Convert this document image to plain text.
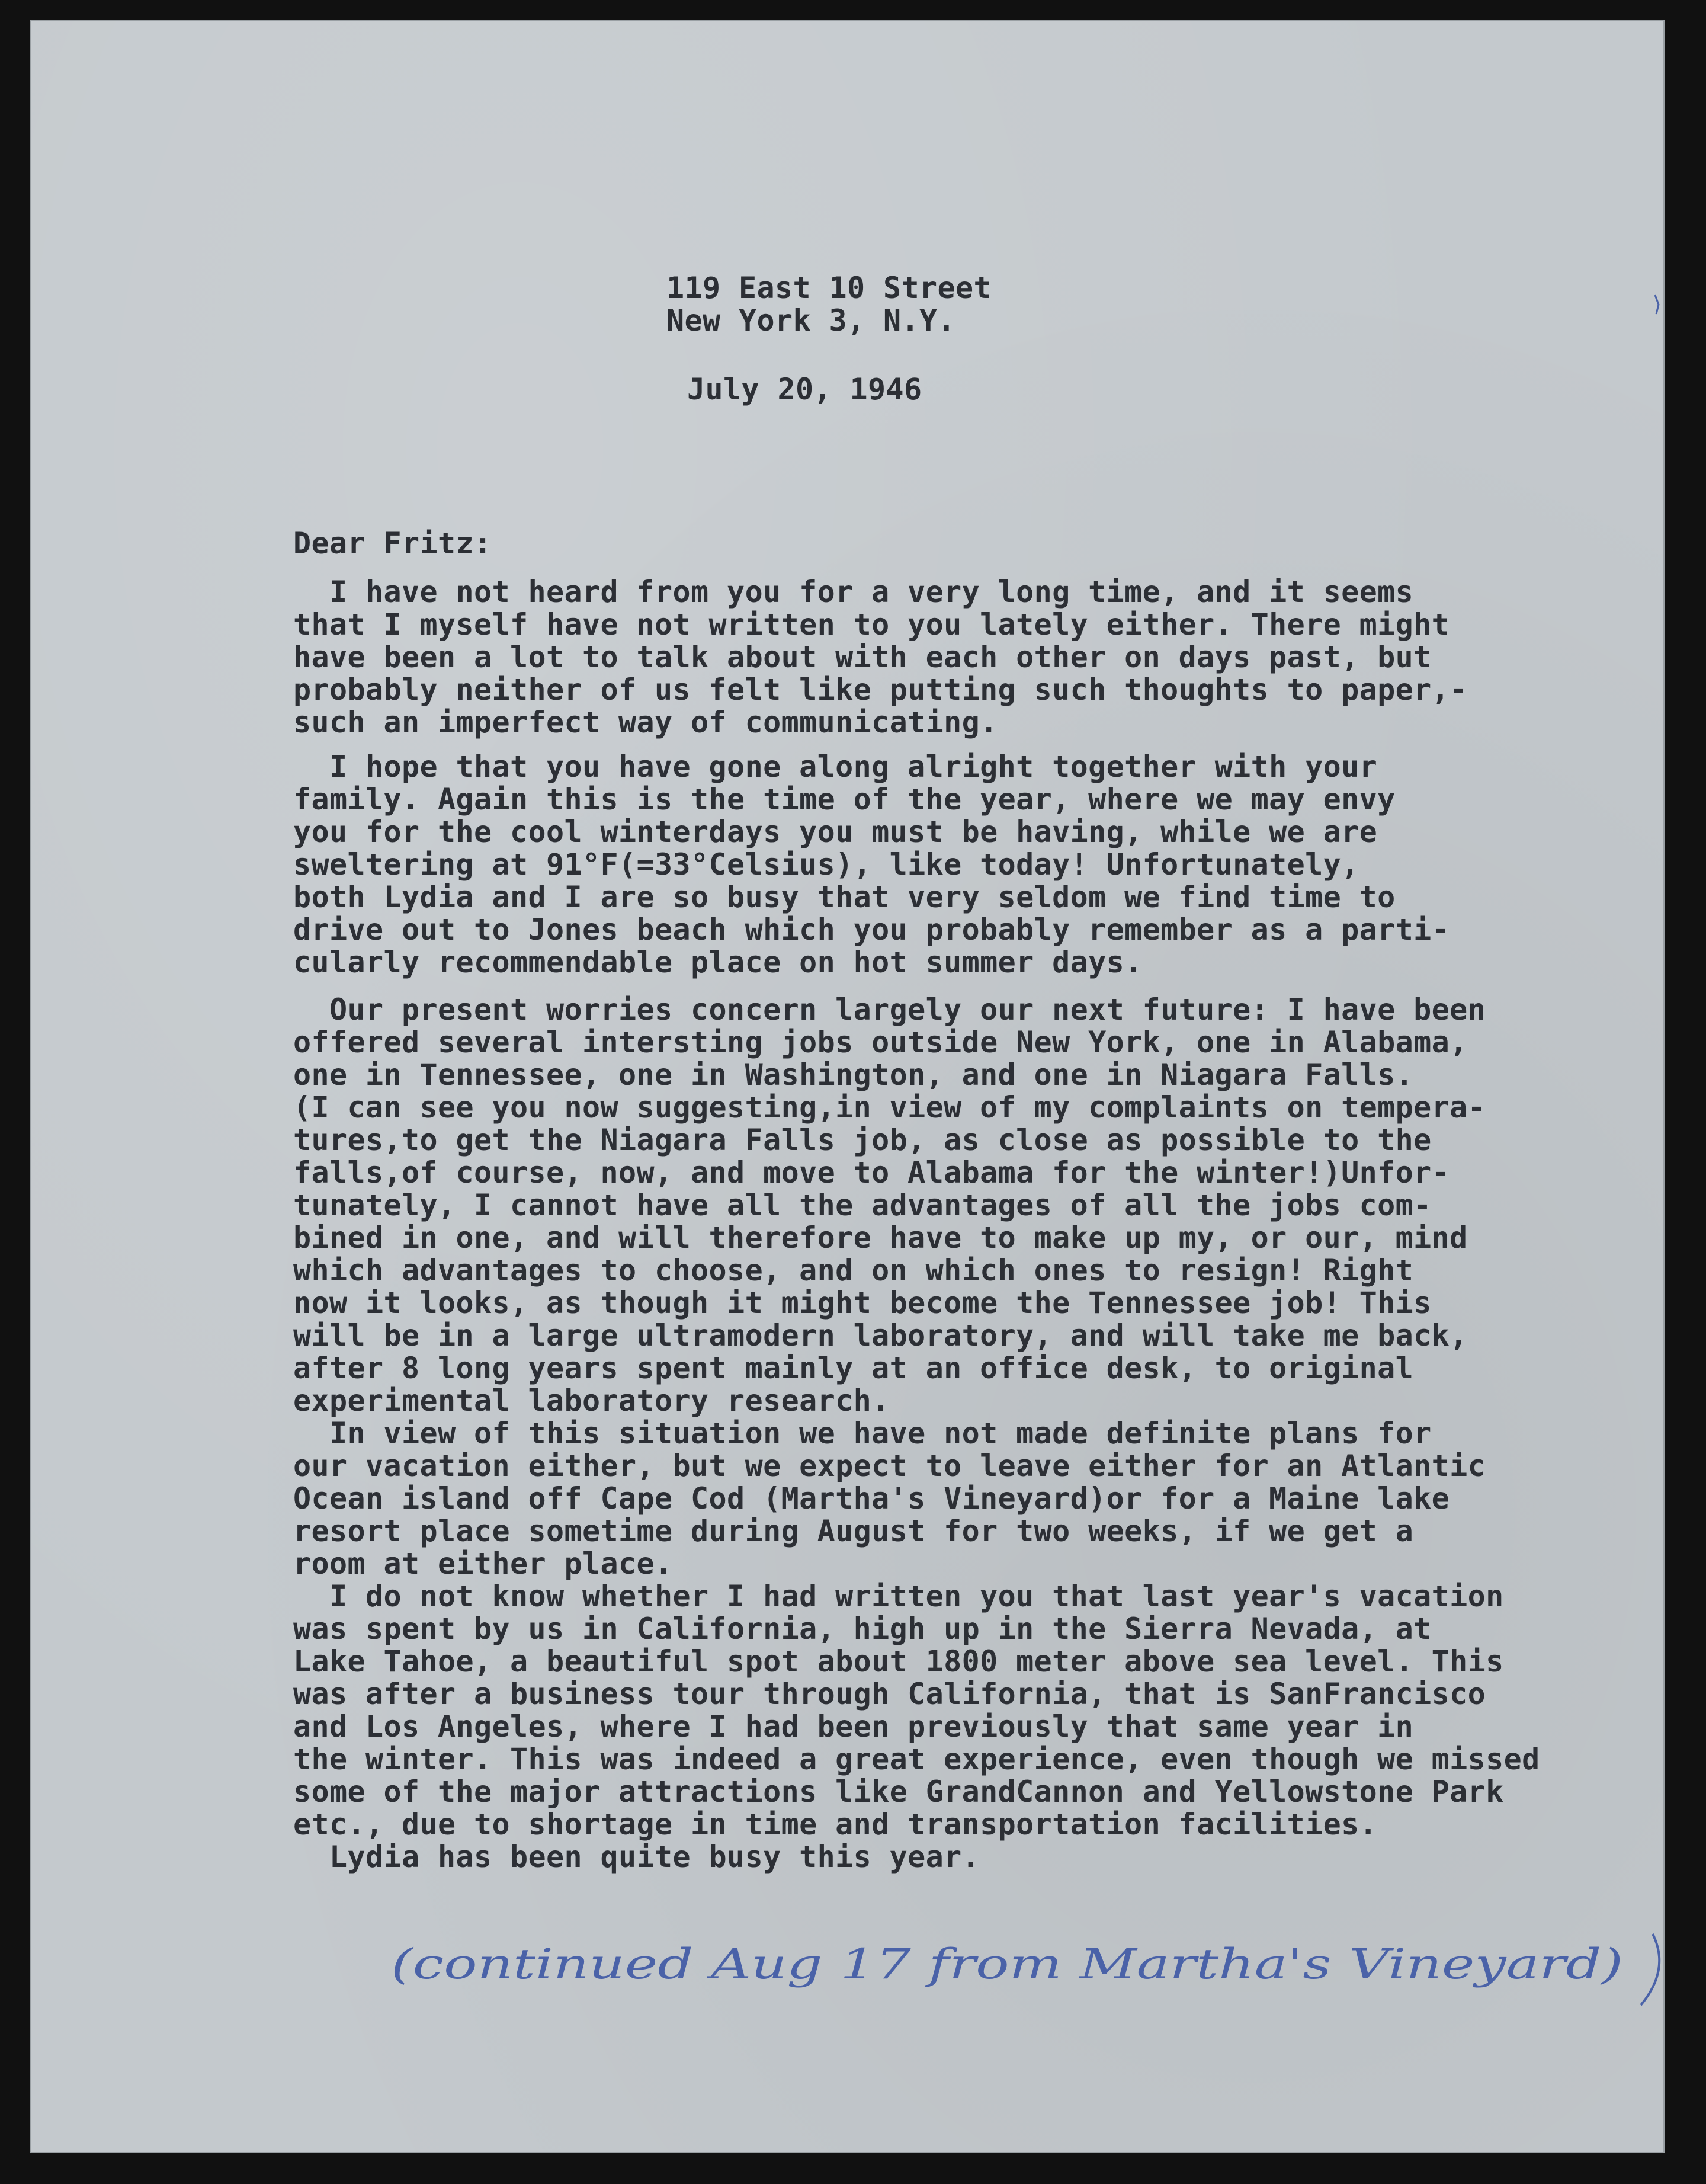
119 East 10 Street
New York 3, N.Y.
July 20, 1946
Dear Fritz:
I have not heard from you for a very long time, and it seems
that I myself have not written to you lately either. There might
have been a lot to talk about with each other on days past, but
probably neither of us felt like putting such thoughts to paper,-
such an imperfect way of communicating.
I hope that you have gone along alright together with your
family. Again this is the time of the year, where we may envy
you for the cool winterdays you must be having, while we are
sweltering at 91°F(=33°Celsius), like today! Unfortunately,
both Lydia and I are so busy that very seldom we find time to
drive out to Jones beach which you probably remember as a parti-
cularly recommendable place on hot summer days.
Our present worries concern largely our next future: I have been
offered several intersting jobs outside New York, one in Alabama,
one in Tennessee, one in Washington, and one in Niagara Falls.
(I can see you now suggesting,in view of my complaints on tempera-
tures,to get the Niagara Falls job, as close as possible to the
falls,of course, now, and move to Alabama for the winter!)Unfor-
tunately, I cannot have all the advantages of all the jobs com-
bined in one, and will therefore have to make up my, or our, mind
which advantages to choose, and on which ones to resign! Right
now it looks, as though it might become the Tennessee job! This
will be in a large ultramodern laboratory, and will take me back,
after 8 long years spent mainly at an office desk, to original
experimental laboratory research.
In view of this situation we have not made definite plans for
our vacation either, but we expect to leave either for an Atlantic
Ocean island off Cape Cod (Martha's Vineyard)or for a Maine lake
resort place sometime during August for two weeks, if we get a
room at either place.
I do not know whether I had written you that last year's vacation
was spent by us in California, high up in the Sierra Nevada, at
Lake Tahoe, a beautiful spot about 1800 meter above sea level. This
was after a business tour through California, that is SanFrancisco
and Los Angeles, where I had been previously that same year in
the winter. This was indeed a great experience, even though we missed
some of the major attractions like GrandCannon and Yellowstone Park
etc., due to shortage in time and transportation facilities.
Lydia has been quite busy this year.
(continued Aug 17 from Martha's Vineyard)
